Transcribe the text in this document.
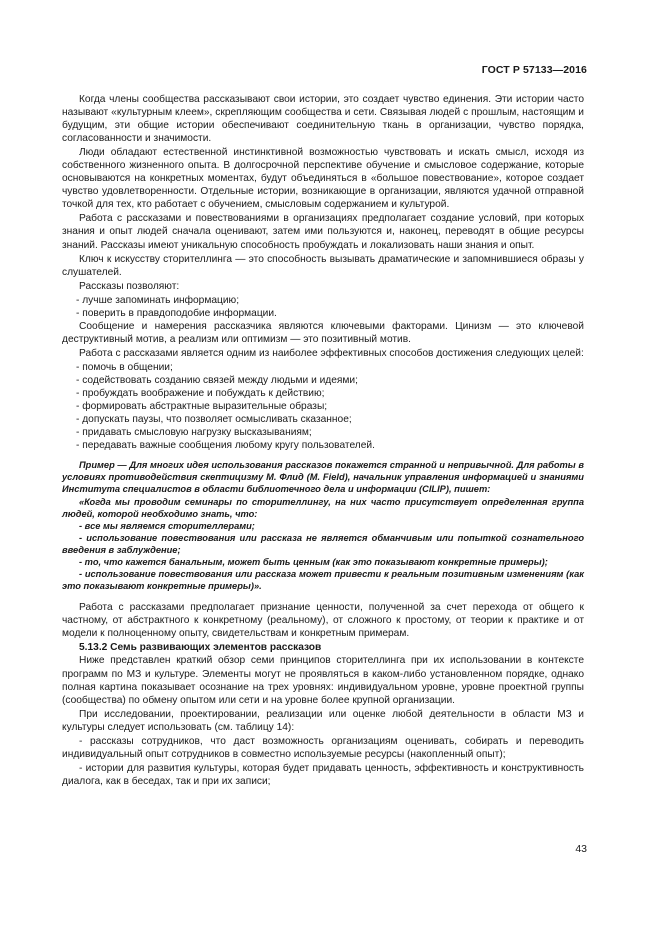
ГОСТ Р 57133—2016

Когда члены сообщества рассказывают свои истории, это создает чувство единения. Эти истории часто называют «культурным клеем», скрепляющим сообщества и сети. Связывая людей с прошлым, настоящим и будущим, эти общие истории обеспечивают соединительную ткань в организации, чувство порядка, согласованности и значимости.

Люди обладают естественной инстинктивной возможностью чувствовать и искать смысл, исходя из собственного жизненного опыта. В долгосрочной перспективе обучение и смысловое содержание, которые основываются на конкретных моментах, будут объединяться в «большое повествование», которое создает чувство удовлетворенности. Отдельные истории, возникающие в организации, являются удачной отправной точкой для тех, кто работает с обучением, смысловым содержанием и культурой.

Работа с рассказами и повествованиями в организациях предполагает создание условий, при которых знания и опыт людей сначала оценивают, затем ими пользуются и, наконец, переводят в общие ресурсы знаний. Рассказы имеют уникальную способность пробуждать и локализовать наши знания и опыт.

Ключ к искусству сторителлинга — это способность вызывать драматические и запомнившиеся образы у слушателей.

Рассказы позволяют:

- лучше запоминать информацию;

- поверить в правдоподобие информации.

Сообщение и намерения рассказчика являются ключевыми факторами. Цинизм — это ключевой деструктивный мотив, а реализм или оптимизм — это позитивный мотив.

Работа с рассказами является одним из наиболее эффективных способов достижения следующих целей:

- помочь в общении;

- содействовать созданию связей между людьми и идеями;

- пробуждать воображение и побуждать к действию;

- формировать абстрактные выразительные образы;

- допускать паузы, что позволяет осмысливать сказанное;

- придавать смысловую нагрузку высказываниям;

- передавать важные сообщения любому кругу пользователей.

Пример — Для многих идея использования рассказов покажется странной и непривычной. Для работы в условиях противодействия скептицизму М. Флид (M. Field), начальник управления информацией и знаниями Института специалистов в области библиотечного дела и информации (CILIP), пишет:

«Когда мы проводим семинары по сторителлингу, на них часто присутствует определенная группа людей, которой необходимо знать, что:

- все мы являемся сторителлерами;

- использование повествования или рассказа не является обманчивым или попыткой сознательного введения в заблуждение;

- то, что кажется банальным, может быть ценным (как это показывают конкретные примеры);

- использование повествования или рассказа может привести к реальным позитивным изменениям (как это показывают конкретные примеры)».

Работа с рассказами предполагает признание ценности, полученной за счет перехода от общего к частному, от абстрактного к конкретному (реальному), от сложного к простому, от теории к практике и от модели к полноценному опыту, свидетельствам и конкретным примерам.

5.13.2 Семь развивающих элементов рассказов

Ниже представлен краткий обзор семи принципов сторителлинга при их использовании в контексте программ по МЗ и культуре. Элементы могут не проявляться в каком-либо установленном порядке, однако полная картина показывает осознание на трех уровнях: индивидуальном уровне, уровне проектной группы (сообщества) по обмену опытом или сети и на уровне более крупной организации.

При исследовании, проектировании, реализации или оценке любой деятельности в области МЗ и культуры следует использовать (см. таблицу 14):

- рассказы сотрудников, что даст возможность организациям оценивать, собирать и переводить индивидуальный опыт сотрудников в совместно используемые ресурсы (накопленный опыт);

- истории для развития культуры, которая будет придавать ценность, эффективность и конструктивность диалога, как в беседах, так и при их записи;

43
